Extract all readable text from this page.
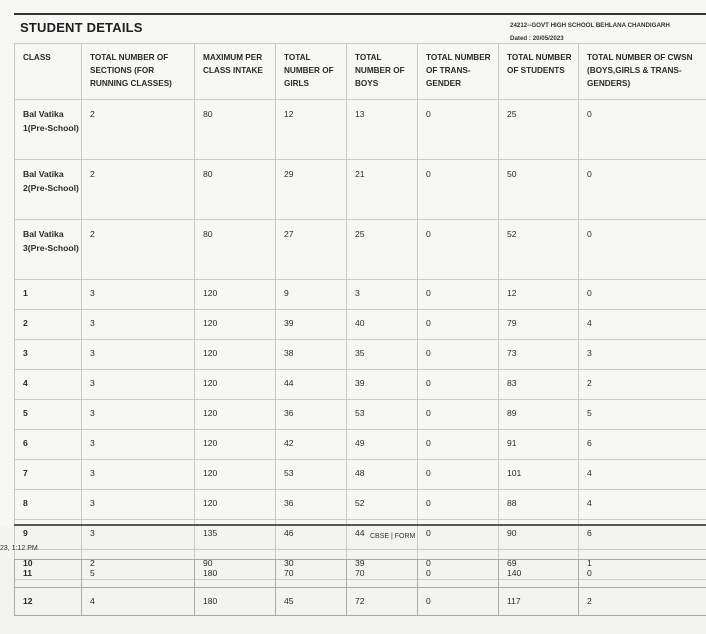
STUDENT DETAILS	24212--GOVT HIGH SCHOOL BEHLANA CHANDIGARH
Dated : 20/05/2023
CLASS	TOTAL NUMBER OF SECTIONS (FOR RUNNING CLASSES)	MAXIMUM PER CLASS INTAKE	TOTAL NUMBER OF GIRLS	TOTAL NUMBER OF BOYS	TOTAL NUMBER OF TRANS-GENDER	TOTAL NUMBER OF STUDENTS	TOTAL NUMBER OF CWSN (BOYS,GIRLS & TRANS-GENDERS)
Bal Vatika 1(Pre-School)	2	80	12	13	0	25	0
Bal Vatika 2(Pre-School)	2	80	29	21	0	50	0
Bal Vatika 3(Pre-School)	2	80	27	25	0	52	0
1	3	120	9	3	0	12	0
2	3	120	39	40	0	79	4
3	3	120	38	35	0	73	3
4	3	120	44	39	0	83	2
5	3	120	36	53	0	89	5
6	3	120	42	49	0	91	6
7	3	120	53	48	0	101	4
8	3	120	36	52	0	88	4
9	3	135	46	44	0	90	6
10	2	90	30	39	0	69	1
CBSE | FORM
23, 1:12 PM
11	5	180	70	70	0	140	0
12	4	180	45	72	0	117	2
